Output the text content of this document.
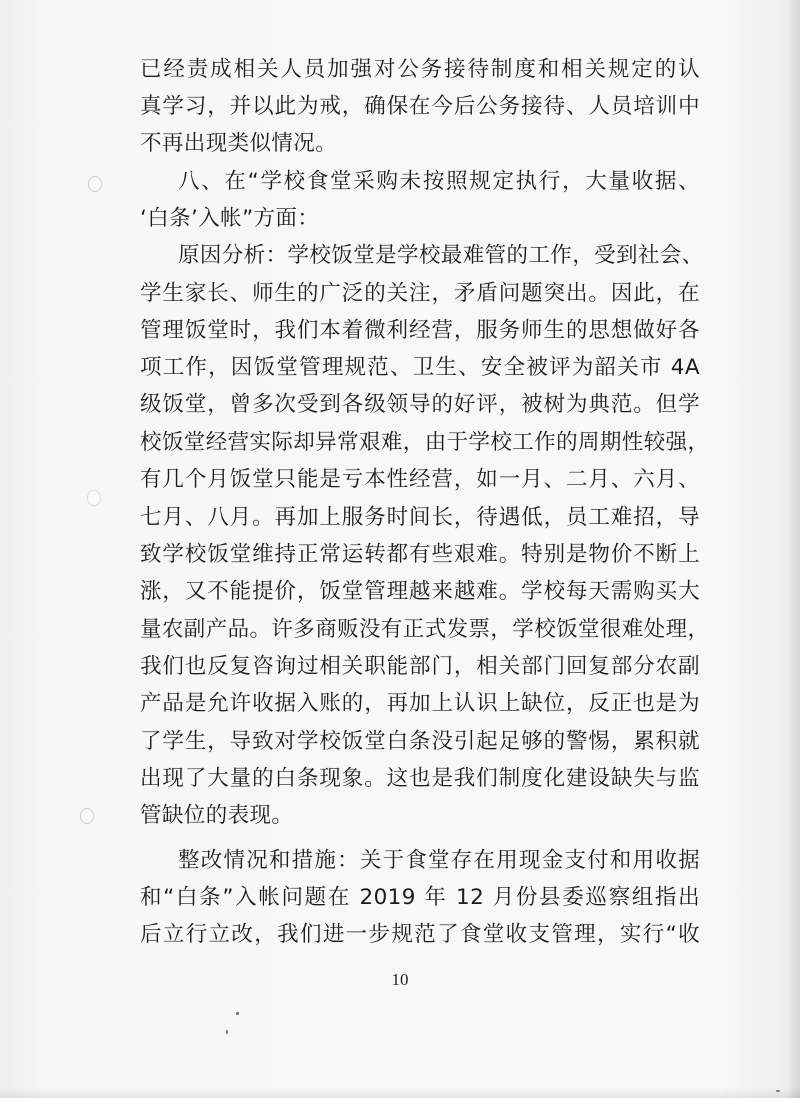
已经责成相关人员加强对公务接待制度和相关规定的认
真学习，并以此为戒，确保在今后公务接待、人员培训中
不再出现类似情况。
八、在“学校食堂采购未按照规定执行，大量收据、
‘白条’入帐”方面：
原因分析：学校饭堂是学校最难管的工作，受到社会、
学生家长、师生的广泛的关注，矛盾问题突出。因此，在
管理饭堂时，我们本着微利经营，服务师生的思想做好各
项工作，因饭堂管理规范、卫生、安全被评为韶关市 4A
级饭堂，曾多次受到各级领导的好评，被树为典范。但学
校饭堂经营实际却异常艰难，由于学校工作的周期性较强，
有几个月饭堂只能是亏本性经营，如一月、二月、六月、
七月、八月。再加上服务时间长，待遇低，员工难招，导
致学校饭堂维持正常运转都有些艰难。特别是物价不断上
涨，又不能提价，饭堂管理越来越难。学校每天需购买大
量农副产品。许多商贩没有正式发票，学校饭堂很难处理，
我们也反复咨询过相关职能部门，相关部门回复部分农副
产品是允许收据入账的，再加上认识上缺位，反正也是为
了学生，导致对学校饭堂白条没引起足够的警惕，累积就
出现了大量的白条现象。这也是我们制度化建设缺失与监
管缺位的表现。
整改情况和措施：关于食堂存在用现金支付和用收据
和“白条”入帐问题在 2019 年 12 月份县委巡察组指出
后立行立改，我们进一步规范了食堂收支管理，实行“收
10
